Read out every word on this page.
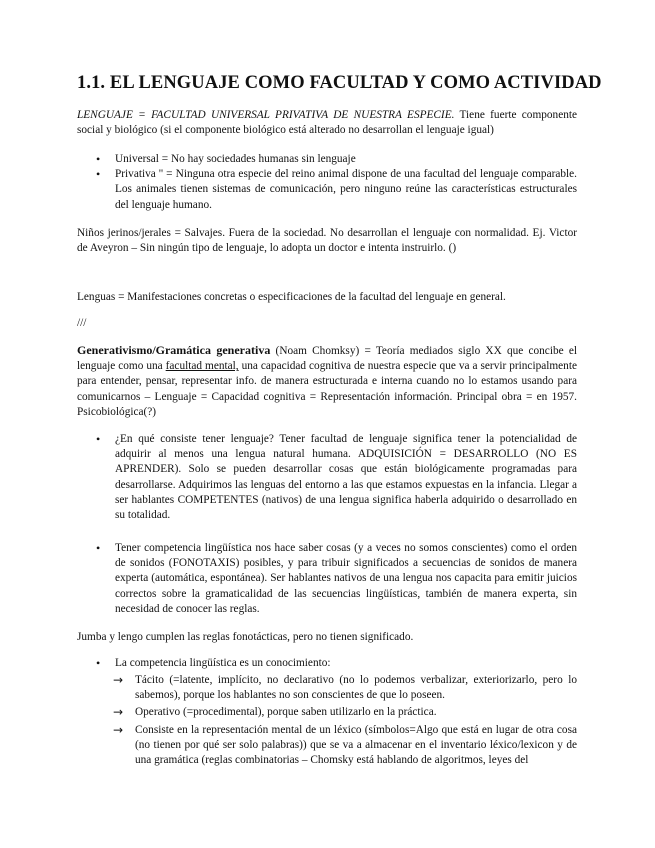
1.1. EL LENGUAJE COMO FACULTAD Y COMO ACTIVIDAD

LENGUAJE = FACULTAD UNIVERSAL PRIVATIVA DE NUESTRA ESPECIE. Tiene fuerte componente social y biológico (si el componente biológico está alterado no desarrollan el lenguaje igual)

• Universal = No hay sociedades humanas sin lenguaje
• Privativa '' = Ninguna otra especie del reino animal dispone de una facultad del lenguaje comparable. Los animales tienen sistemas de comunicación, pero ninguno reúne las características estructurales del lenguaje humano.

Niños jerinos/jerales = Salvajes. Fuera de la sociedad. No desarrollan el lenguaje con normalidad. Ej. Victor de Aveyron – Sin ningún tipo de lenguaje, lo adopta un doctor e intenta instruirlo. ()

Lenguas = Manifestaciones concretas o especificaciones de la facultad del lenguaje en general.

///

Generativismo/Gramática generativa (Noam Chomksy) = Teoría mediados siglo XX que concibe el lenguaje como una facultad mental, una capacidad cognitiva de nuestra especie que va a servir principalmente para entender, pensar, representar info. de manera estructurada e interna cuando no lo estamos usando para comunicarnos – Lenguaje = Capacidad cognitiva = Representación información. Principal obra = en 1957. Psicobiológica(?)

• ¿En qué consiste tener lenguaje? Tener facultad de lenguaje significa tener la potencialidad de adquirir al menos una lengua natural humana. ADQUISICIÓN = DESARROLLO (NO ES APRENDER). Solo se pueden desarrollar cosas que están biológicamente programadas para desarrollarse. Adquirimos las lenguas del entorno a las que estamos expuestas en la infancia. Llegar a ser hablantes COMPETENTES (nativos) de una lengua significa haberla adquirido o desarrollado en su totalidad.
• Tener competencia lingüística nos hace saber cosas (y a veces no somos conscientes) como el orden de sonidos (FONOTAXIS) posibles, y para tribuir significados a secuencias de sonidos de manera experta (automática, espontánea). Ser hablantes nativos de una lengua nos capacita para emitir juicios correctos sobre la gramaticalidad de las secuencias lingüísticas, también de manera experta, sin necesidad de conocer las reglas.

Jumba y lengo cumplen las reglas fonotácticas, pero no tienen significado.

• La competencia lingüística es un conocimiento:
→ Tácito (=latente, implícito, no declarativo (no lo podemos verbalizar, exteriorizarlo, pero lo sabemos), porque los hablantes no son conscientes de que lo poseen.
→ Operativo (=procedimental), porque saben utilizarlo en la práctica.
→ Consiste en la representación mental de un léxico (símbolos=Algo que está en lugar de otra cosa (no tienen por qué ser solo palabras)) que se va a almacenar en el inventario léxico/lexicon y de una gramática (reglas combinatorias – Chomsky está hablando de algoritmos, leyes del
